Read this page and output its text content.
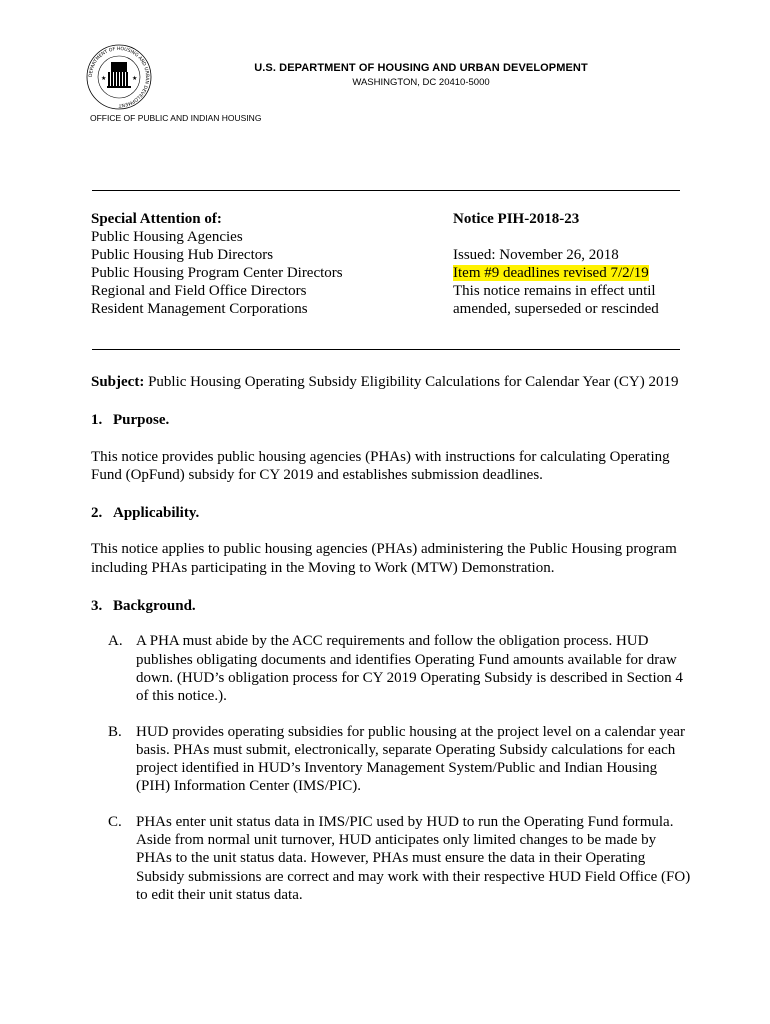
DEPARTMENT OF HOUSING AND URBAN DEVELOPMENT
★	★
U.S. DEPARTMENT OF HOUSING AND URBAN DEVELOPMENT
WASHINGTON, DC 20410-5000
OFFICE OF PUBLIC AND INDIAN HOUSING
Special Attention of:
Public Housing Agencies
Public Housing Hub Directors
Public Housing Program Center Directors
Regional and Field Office Directors
Resident Management Corporations
Notice PIH-2018-23
Issued: November 26, 2018
Item #9 deadlines revised 7/2/19
This notice remains in effect until
amended, superseded or rescinded

Subject: Public Housing Operating Subsidy Eligibility Calculations for Calendar Year (CY) 2019

1. Purpose.

This notice provides public housing agencies (PHAs) with instructions for calculating Operating Fund (OpFund) subsidy for CY 2019 and establishes submission deadlines.

2. Applicability.

This notice applies to public housing agencies (PHAs) administering the Public Housing program including PHAs participating in the Moving to Work (MTW) Demonstration.

3. Background.

A. A PHA must abide by the ACC requirements and follow the obligation process. HUD publishes obligating documents and identifies Operating Fund amounts available for draw down. (HUD’s obligation process for CY 2019 Operating Subsidy is described in Section 4 of this notice.).
B. HUD provides operating subsidies for public housing at the project level on a calendar year basis. PHAs must submit, electronically, separate Operating Subsidy calculations for each project identified in HUD’s Inventory Management System/Public and Indian Housing (PIH) Information Center (IMS/PIC).
C. PHAs enter unit status data in IMS/PIC used by HUD to run the Operating Fund formula. Aside from normal unit turnover, HUD anticipates only limited changes to be made by PHAs to the unit status data. However, PHAs must ensure the data in their Operating Subsidy submissions are correct and may work with their respective HUD Field Office (FO) to edit their unit status data.
